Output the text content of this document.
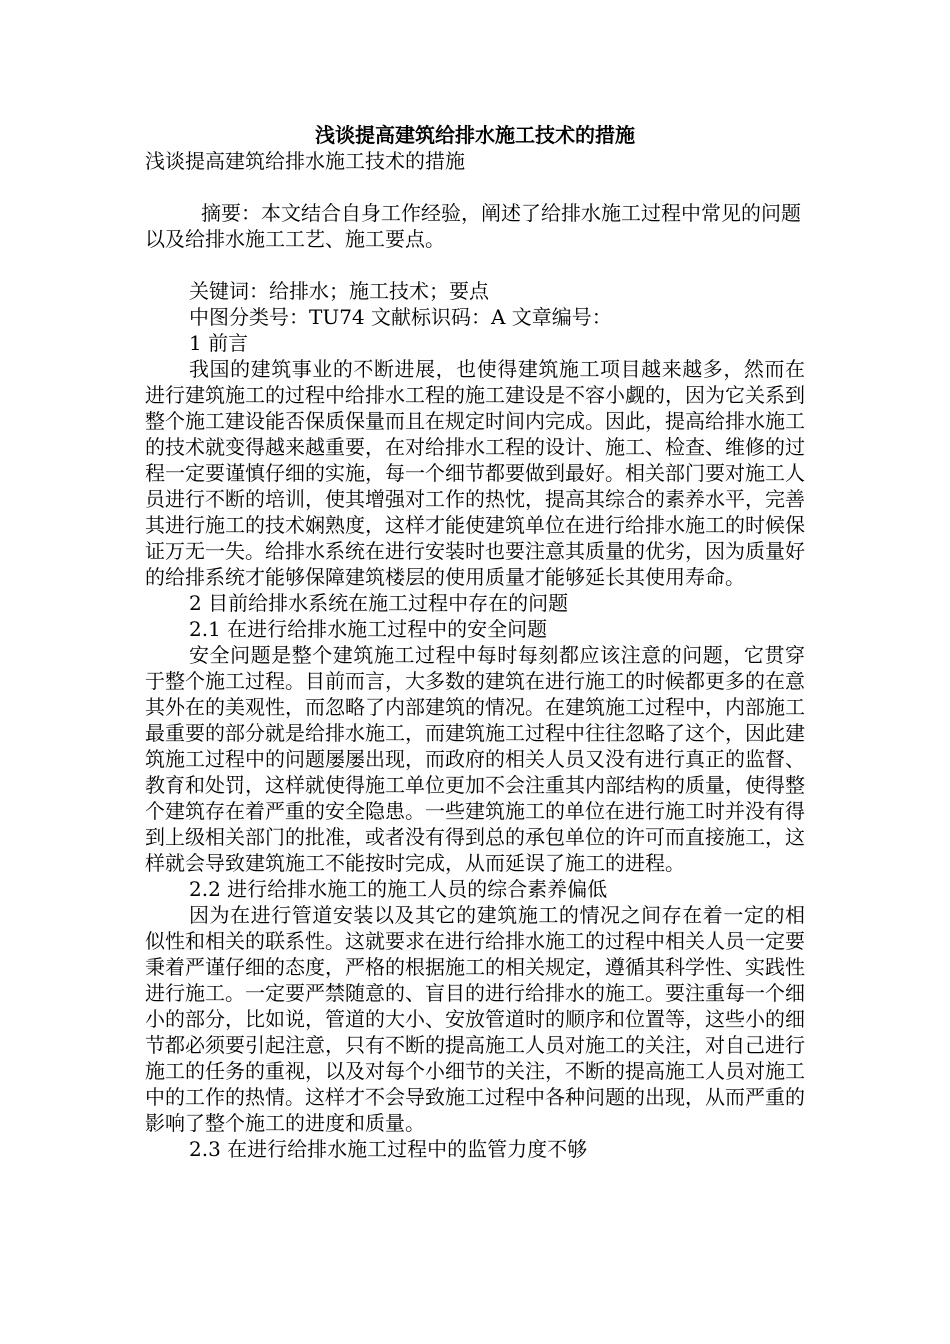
浅谈提高建筑给排水施工技术的措施

浅谈提高建筑给排水施工技术的措施

摘要：本文结合自身工作经验，阐述了给排水施工过程中常见的问题以及给排水施工工艺、施工要点。

关键词：给排水；施工技术；要点

中图分类号：TU74 文献标识码：A 文章编号：

1 前言

我国的建筑事业的不断进展，也使得建筑施工项目越来越多，然而在进行建筑施工的过程中给排水工程的施工建设是不容小觑的，因为它关系到整个施工建设能否保质保量而且在规定时间内完成。因此，提高给排水施工的技术就变得越来越重要，在对给排水工程的设计、施工、检查、维修的过程一定要谨慎仔细的实施，每一个细节都要做到最好。相关部门要对施工人员进行不断的培训，使其增强对工作的热忱，提高其综合的素养水平，完善其进行施工的技术娴熟度，这样才能使建筑单位在进行给排水施工的时候保证万无一失。给排水系统在进行安装时也要注意其质量的优劣，因为质量好的给排系统才能够保障建筑楼层的使用质量才能够延长其使用寿命。

2 目前给排水系统在施工过程中存在的问题

2.1 在进行给排水施工过程中的安全问题

安全问题是整个建筑施工过程中每时每刻都应该注意的问题，它贯穿于整个施工过程。目前而言，大多数的建筑在进行施工的时候都更多的在意其外在的美观性，而忽略了内部建筑的情况。在建筑施工过程中，内部施工最重要的部分就是给排水施工，而建筑施工过程中往往忽略了这个，因此建筑施工过程中的问题屡屡出现，而政府的相关人员又没有进行真正的监督、教育和处罚，这样就使得施工单位更加不会注重其内部结构的质量，使得整个建筑存在着严重的安全隐患。一些建筑施工的单位在进行施工时并没有得到上级相关部门的批准，或者没有得到总的承包单位的许可而直接施工，这样就会导致建筑施工不能按时完成，从而延误了施工的进程。

2.2 进行给排水施工的施工人员的综合素养偏低

因为在进行管道安装以及其它的建筑施工的情况之间存在着一定的相似性和相关的联系性。这就要求在进行给排水施工的过程中相关人员一定要秉着严谨仔细的态度，严格的根据施工的相关规定，遵循其科学性、实践性进行施工。一定要严禁随意的、盲目的进行给排水的施工。要注重每一个细小的部分，比如说，管道的大小、安放管道时的顺序和位置等，这些小的细节都必须要引起注意，只有不断的提高施工人员对施工的关注，对自己进行施工的任务的重视，以及对每个小细节的关注，不断的提高施工人员对施工中的工作的热情。这样才不会导致施工过程中各种问题的出现，从而严重的影响了整个施工的进度和质量。

2.3 在进行给排水施工过程中的监管力度不够
